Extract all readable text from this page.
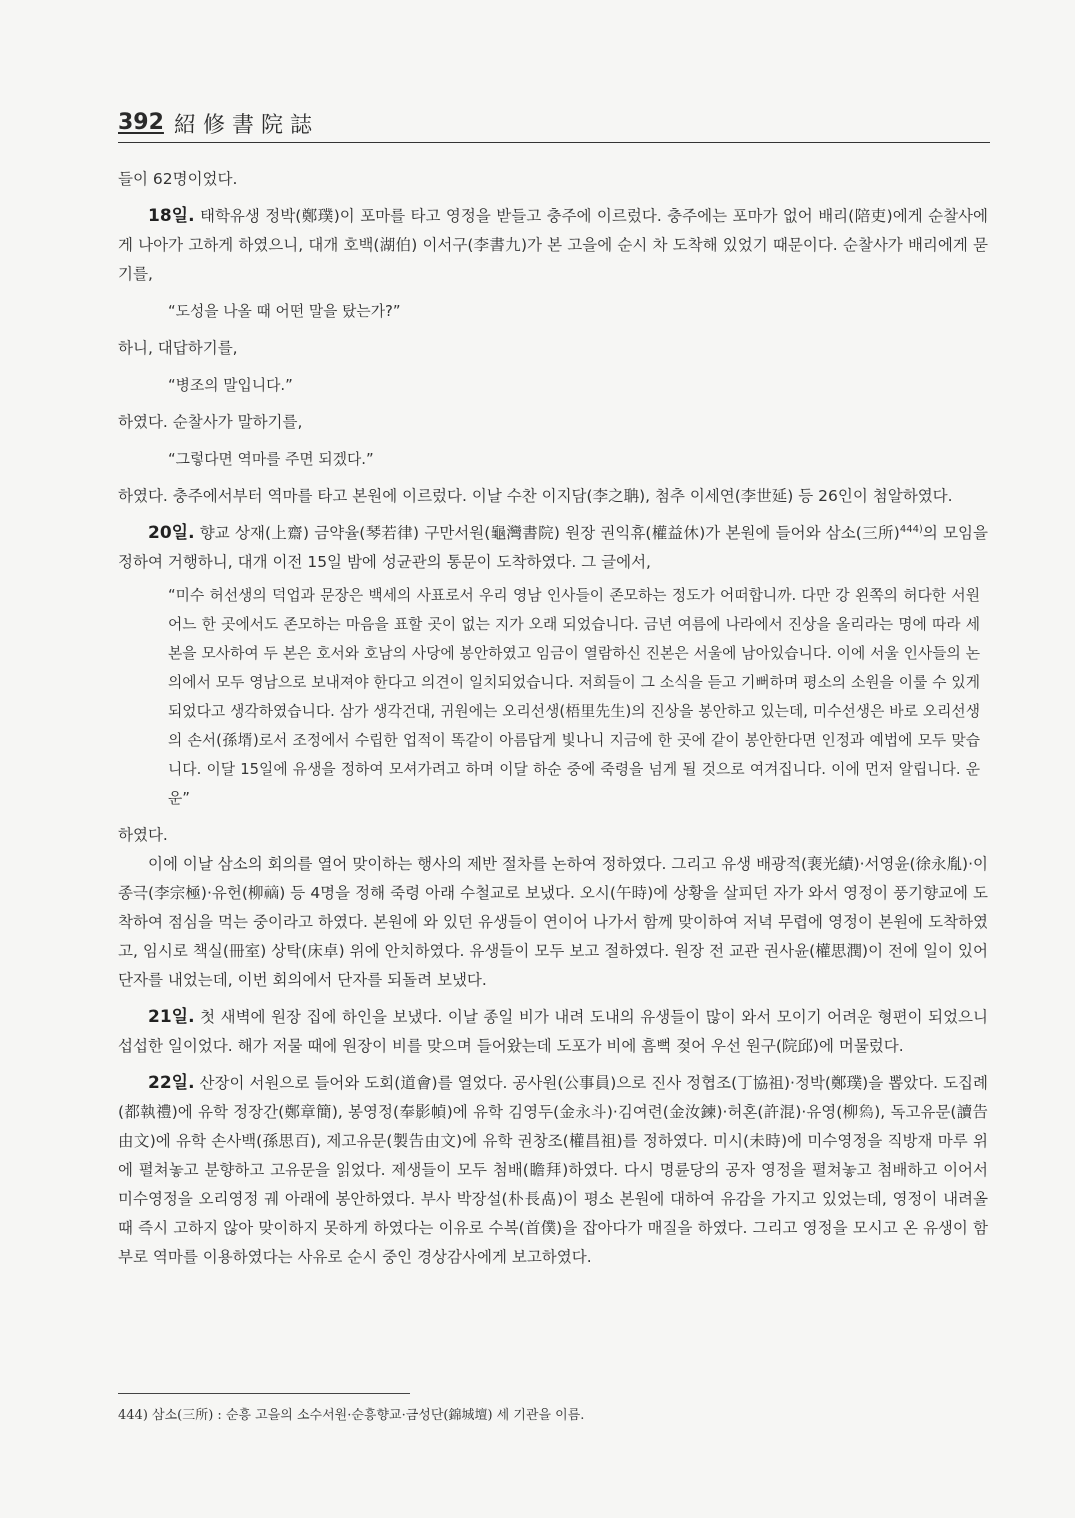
392 紹修書院誌

들이 62명이었다.

18일. 태학유생 정박(鄭璞)이 포마를 타고 영정을 받들고 충주에 이르렀다. 충주에는 포마가 없어 배리(陪吏)에게 순찰사에게 나아가 고하게 하였으니, 대개 호백(湖伯) 이서구(李書九)가 본 고을에 순시 차 도착해 있었기 때문이다. 순찰사가 배리에게 묻기를,

“도성을 나올 때 어떤 말을 탔는가?”

하니, 대답하기를,

“병조의 말입니다.”

하였다. 순찰사가 말하기를,

“그렇다면 역마를 주면 되겠다.”

하였다. 충주에서부터 역마를 타고 본원에 이르렀다. 이날 수찬 이지담(李之聃), 첨추 이세연(李世延) 등 26인이 첨알하였다.

20일. 향교 상재(上齋) 금약율(琴若律) 구만서원(龜灣書院) 원장 권익휴(權益休)가 본원에 들어와 삼소(三所)$^{444)}$의 모임을 정하여 거행하니, 대개 이전 15일 밤에 성균관의 통문이 도착하였다. 그 글에서,

“미수 허선생의 덕업과 문장은 백세의 사표로서 우리 영남 인사들이 존모하는 정도가 어떠합니까. 다만 강 왼쪽의 허다한 서원 어느 한 곳에서도 존모하는 마음을 표할 곳이 없는 지가 오래 되었습니다. 금년 여름에 나라에서 진상을 올리라는 명에 따라 세 본을 모사하여 두 본은 호서와 호남의 사당에 봉안하였고 임금이 열람하신 진본은 서울에 남아있습니다. 이에 서울 인사들의 논의에서 모두 영남으로 보내져야 한다고 의견이 일치되었습니다. 저희들이 그 소식을 듣고 기뻐하며 평소의 소원을 이룰 수 있게 되었다고 생각하였습니다. 삼가 생각건대, 귀원에는 오리선생(梧里先生)의 진상을 봉안하고 있는데, 미수선생은 바로 오리선생의 손서(孫壻)로서 조정에서 수립한 업적이 똑같이 아름답게 빛나니 지금에 한 곳에 같이 봉안한다면 인정과 예법에 모두 맞습니다. 이달 15일에 유생을 정하여 모셔가려고 하며 이달 하순 중에 죽령을 넘게 될 것으로 여겨집니다. 이에 먼저 알립니다. 운운”

하였다.

이에 이날 삼소의 회의를 열어 맞이하는 행사의 제반 절차를 논하여 정하였다. 그리고 유생 배광적(裵光績)·서영윤(徐永胤)·이종극(李宗極)·유헌(柳𥛚) 등 4명을 정해 죽령 아래 수철교로 보냈다. 오시(午時)에 상황을 살피던 자가 와서 영정이 풍기향교에 도착하여 점심을 먹는 중이라고 하였다. 본원에 와 있던 유생들이 연이어 나가서 함께 맞이하여 저녁 무렵에 영정이 본원에 도착하였고, 임시로 책실(冊室) 상탁(床卓) 위에 안치하였다. 유생들이 모두 보고 절하였다. 원장 전 교관 권사윤(權思潤)이 전에 일이 있어 단자를 내었는데, 이번 회의에서 단자를 되돌려 보냈다.

21일. 첫 새벽에 원장 집에 하인을 보냈다. 이날 종일 비가 내려 도내의 유생들이 많이 와서 모이기 어려운 형편이 되었으니 섭섭한 일이었다. 해가 저물 때에 원장이 비를 맞으며 들어왔는데 도포가 비에 흠뻑 젖어 우선 원구(院邱)에 머물렀다.

22일. 산장이 서원으로 들어와 도회(道會)를 열었다. 공사원(公事員)으로 진사 정협조(丁協祖)·정박(鄭璞)을 뽑았다. 도집례(都執禮)에 유학 정장간(鄭章簡), 봉영정(奉影幀)에 유학 김영두(金永斗)·김여련(金汝鍊)·허혼(許混)·유영(柳𤉢), 독고유문(讀告由文)에 유학 손사백(孫思百), 제고유문(製告由文)에 유학 권창조(權昌祖)를 정하였다. 미시(未時)에 미수영정을 직방재 마루 위에 펼쳐놓고 분향하고 고유문을 읽었다. 제생들이 모두 첨배(瞻拜)하였다. 다시 명륜당의 공자 영정을 펼쳐놓고 첨배하고 이어서 미수영정을 오리영정 궤 아래에 봉안하였다. 부사 박장설(朴長卨)이 평소 본원에 대하여 유감을 가지고 있었는데, 영정이 내려올 때 즉시 고하지 않아 맞이하지 못하게 하였다는 이유로 수복(首僕)을 잡아다가 매질을 하였다. 그리고 영정을 모시고 온 유생이 함부로 역마를 이용하였다는 사유로 순시 중인 경상감사에게 보고하였다.

444) 삼소(三所) : 순흥 고을의 소수서원·순흥향교·금성단(錦城壇) 세 기관을 이름.
